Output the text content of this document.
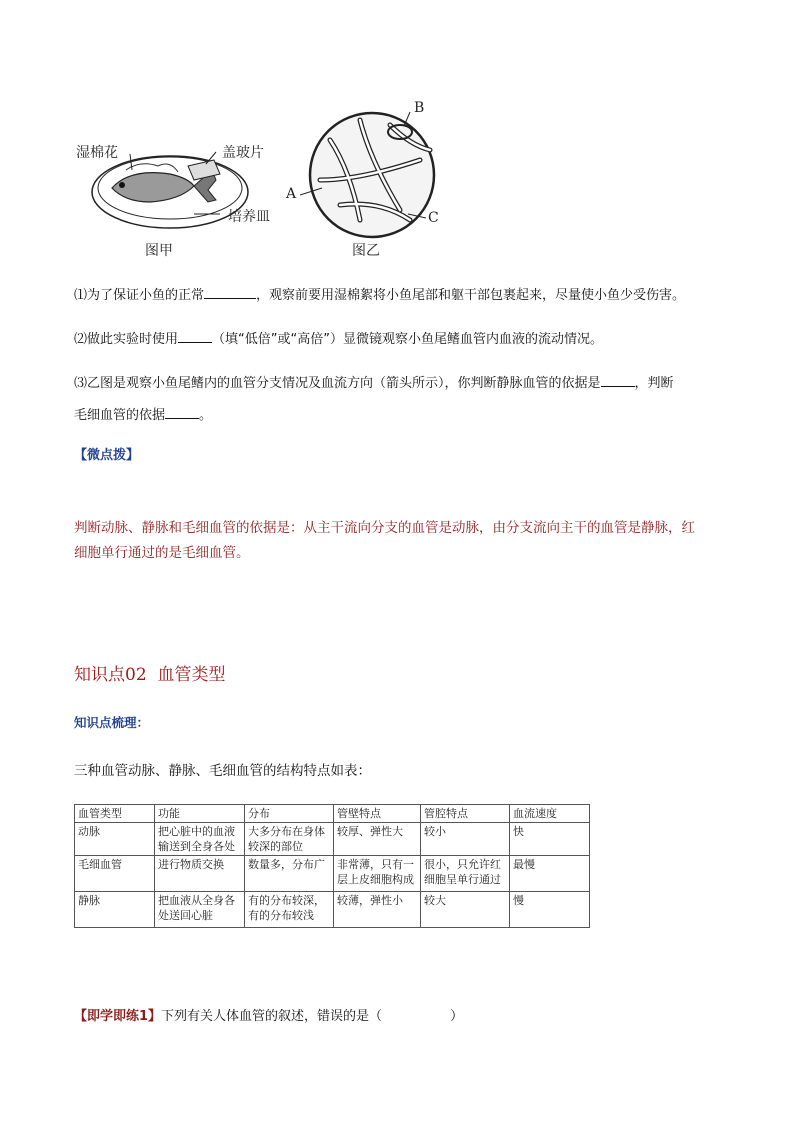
湿棉花	盖玻片
培养皿
图甲
A
B
C
图乙
⑴为了保证小鱼的正常	，观察前要用湿棉絮将小鱼尾部和躯干部包裹起来，尽量使小鱼少受伤害。
⑵做此实验时使用	（填“低倍”或“高倍”）显微镜观察小鱼尾鳍血管内血液的流动情况。
⑶乙图是观察小鱼尾鳍内的血管分支情况及血流方向（箭头所示），你判断静脉血管的依据是	，判断
毛细血管的依据	。
【微点拨】
判断动脉、静脉和毛细血管的依据是：从主干流向分支的血管是动脉，由分支流向主干的血管是静脉，红
细胞单行通过的是毛细血管。
知识点02  血管类型
知识点梳理：
三种血管动脉、静脉、毛细血管的结构特点如表：
血管类型	功能	分布	管壁特点	管腔特点	血流速度
动脉	把心脏中的血液输送到全身各处	大多分布在身体较深的部位	较厚、弹性大	较小	快
毛细血管	进行物质交换	数量多，分布广	非常薄，只有一层上皮细胞构成	很小，只允许红细胞呈单行通过	最慢
静脉	把血液从全身各处送回心脏	有的分布较深，有的分布较浅	较薄，弹性小	较大	慢
【即学即练1】下列有关人体血管的叙述，错误的是（	）
